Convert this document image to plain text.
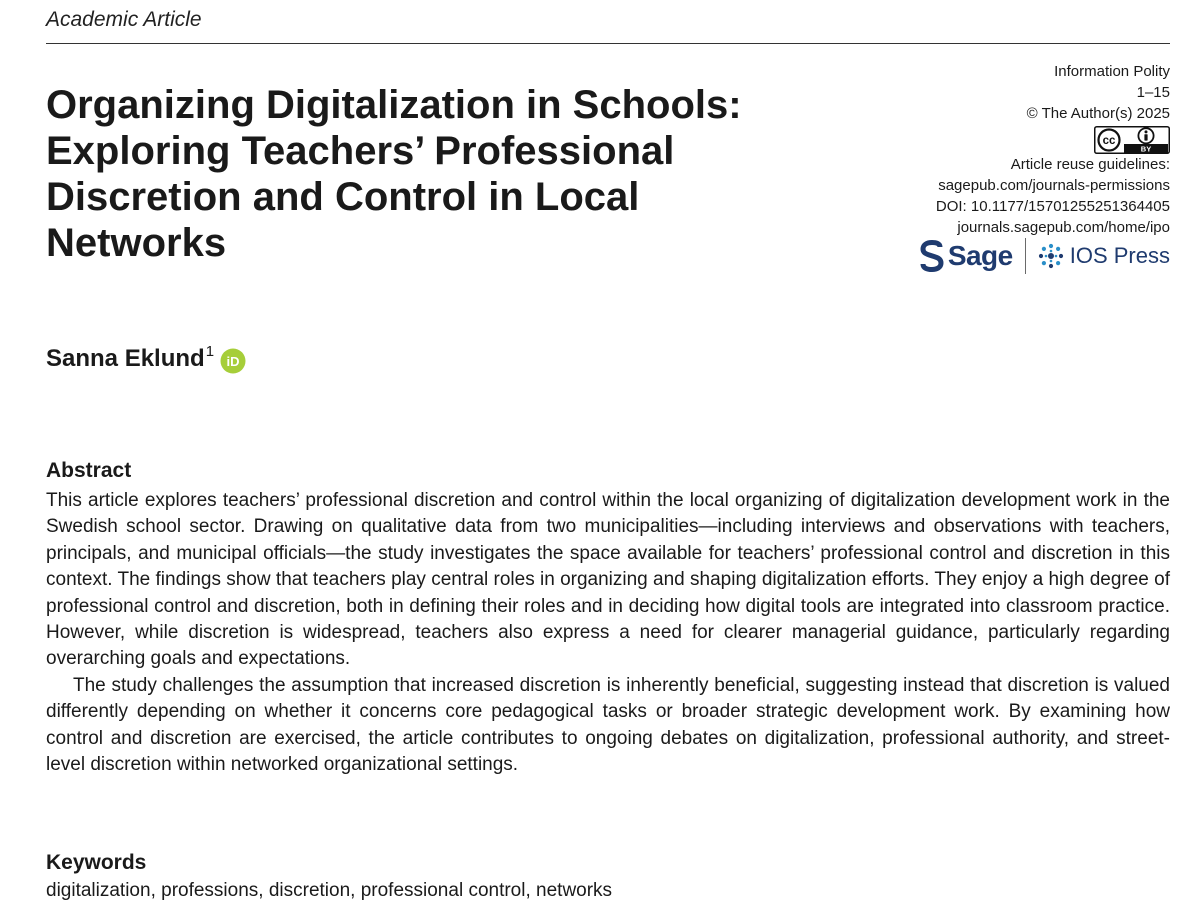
Academic Article
Organizing Digitalization in Schools:
Exploring Teachers’ Professional
Discretion and Control in Local
Networks
Information Polity
1–15
© The Author(s) 2025
BY
cc
Article reuse guidelines:
sagepub.com/journals-permissions
DOI: 10.1177/15701255251364405
journals.sagepub.com/home/ipo
Sage	IOS Press
Sanna Eklund$^1$
iD
Abstract

This article explores teachers’ professional discretion and control within the local organizing of digitalization development work in the Swedish school sector. Drawing on qualitative data from two municipalities—including interviews and observations with teachers, principals, and municipal officials—the study investigates the space available for teachers’ professional control and discretion in this context. The findings show that teachers play central roles in organizing and shaping digitalization efforts. They enjoy a high degree of professional control and discretion, both in defining their roles and in deciding how digital tools are integrated into classroom practice. However, while discretion is widespread, teachers also express a need for clearer managerial guidance, particularly regarding overarching goals and expectations.

The study challenges the assumption that increased discretion is inherently beneficial, suggesting instead that discretion is valued differently depending on whether it concerns core pedagogical tasks or broader strategic development work. By examining how control and discretion are exercised, the article contributes to ongoing debates on digitalization, professional authority, and street-level discretion within networked organizational settings.

Keywords
digitalization, professions, discretion, professional control, networks
